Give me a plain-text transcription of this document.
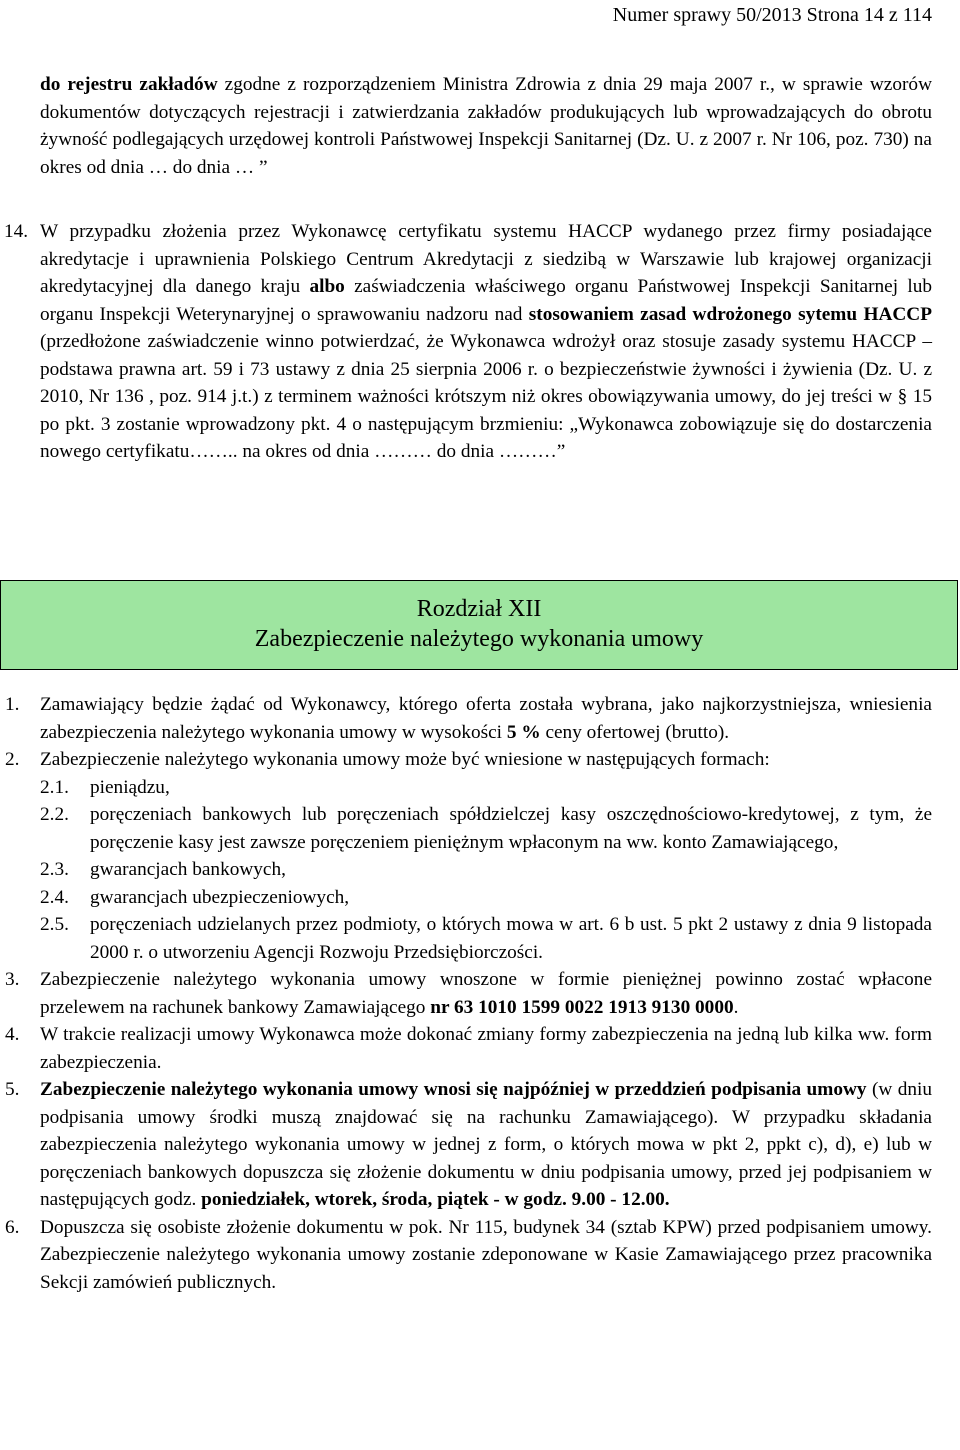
Numer sprawy 50/2013 Strona 14 z 114

do rejestru zakładów zgodne z rozporządzeniem Ministra Zdrowia z dnia 29 maja 2007 r., w sprawie wzorów dokumentów dotyczących rejestracji i zatwierdzania zakładów produkujących lub wprowadzających do obrotu żywność podlegających urzędowej kontroli Państwowej Inspekcji Sanitarnej (Dz. U. z 2007 r. Nr 106, poz. 730) na okres od dnia … do dnia … ”

14. W przypadku złożenia przez Wykonawcę certyfikatu systemu HACCP wydanego przez firmy posiadające akredytacje i uprawnienia Polskiego Centrum Akredytacji z siedzibą w Warszawie lub krajowej organizacji akredytacyjnej dla danego kraju albo zaświadczenia właściwego organu Państwowej Inspekcji Sanitarnej lub organu Inspekcji Weterynaryjnej o sprawowaniu nadzoru nad stosowaniem zasad wdrożonego sytemu HACCP (przedłożone zaświadczenie winno potwierdzać, że Wykonawca wdrożył oraz stosuje zasady systemu HACCP – podstawa prawna art. 59 i 73 ustawy z dnia 25 sierpnia 2006 r. o bezpieczeństwie żywności i żywienia (Dz. U. z 2010, Nr 136 , poz. 914 j.t.) z terminem ważności krótszym niż okres obowiązywania umowy, do jej treści w § 15 po pkt. 3 zostanie wprowadzony pkt. 4 o następującym brzmieniu: „Wykonawca zobowiązuje się do dostarczenia nowego certyfikatu…….. na okres od dnia ……… do dnia ………”

Rozdział XII
Zabezpieczenie należytego wykonania umowy
1. Zamawiający będzie żądać od Wykonawcy, którego oferta została wybrana, jako najkorzystniejsza, wniesienia zabezpieczenia należytego wykonania umowy w wysokości 5 % ceny ofertowej (brutto).
2. Zabezpieczenie należytego wykonania umowy może być wniesione w następujących formach:
2.1. pieniądzu,
2.2. poręczeniach bankowych lub poręczeniach spółdzielczej kasy oszczędnościowo-kredytowej, z tym, że poręczenie kasy jest zawsze poręczeniem pieniężnym wpłaconym na ww. konto Zamawiającego,
2.3. gwarancjach bankowych,
2.4. gwarancjach ubezpieczeniowych,
2.5. poręczeniach udzielanych przez podmioty, o których mowa w art. 6 b ust. 5 pkt 2 ustawy z dnia 9 listopada 2000 r. o utworzeniu Agencji Rozwoju Przedsiębiorczości.
3. Zabezpieczenie należytego wykonania umowy wnoszone w formie pieniężnej powinno zostać wpłacone przelewem na rachunek bankowy Zamawiającego nr 63 1010 1599 0022 1913 9130 0000.
4. W trakcie realizacji umowy Wykonawca może dokonać zmiany formy zabezpieczenia na jedną lub kilka ww. form zabezpieczenia.
5. Zabezpieczenie należytego wykonania umowy wnosi się najpóźniej w przeddzień podpisania umowy (w dniu podpisania umowy środki muszą znajdować się na rachunku Zamawiającego). W przypadku składania zabezpieczenia należytego wykonania umowy w jednej z form, o których mowa w pkt 2, ppkt c), d), e) lub w poręczeniach bankowych dopuszcza się złożenie dokumentu w dniu podpisania umowy, przed jej podpisaniem w następujących godz. poniedziałek, wtorek, środa, piątek - w godz. 9.00 - 12.00.
6. Dopuszcza się osobiste złożenie dokumentu w pok. Nr 115, budynek 34 (sztab KPW) przed podpisaniem umowy. Zabezpieczenie należytego wykonania umowy zostanie zdeponowane w Kasie Zamawiającego przez pracownika Sekcji zamówień publicznych.
